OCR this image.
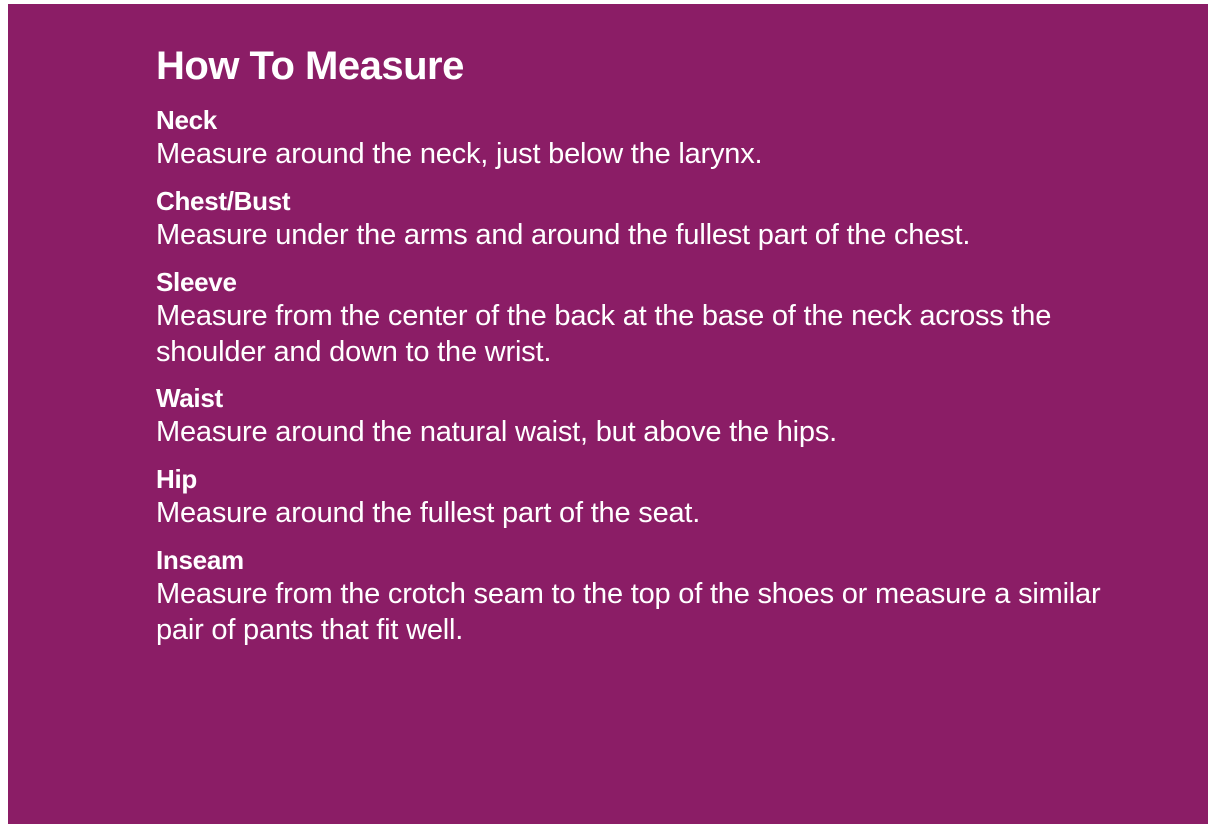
How To Measure
Neck
Measure around the neck, just below the larynx.
Chest/Bust
Measure under the arms and around the fullest part of the chest.
Sleeve
Measure from the center of the back at the base of the neck across the shoulder and down to the wrist.
Waist
Measure around the natural waist, but above the hips.
Hip
Measure around the fullest part of the seat.
Inseam
Measure from the crotch seam to the top of the shoes or measure a similar pair of pants that fit well.
